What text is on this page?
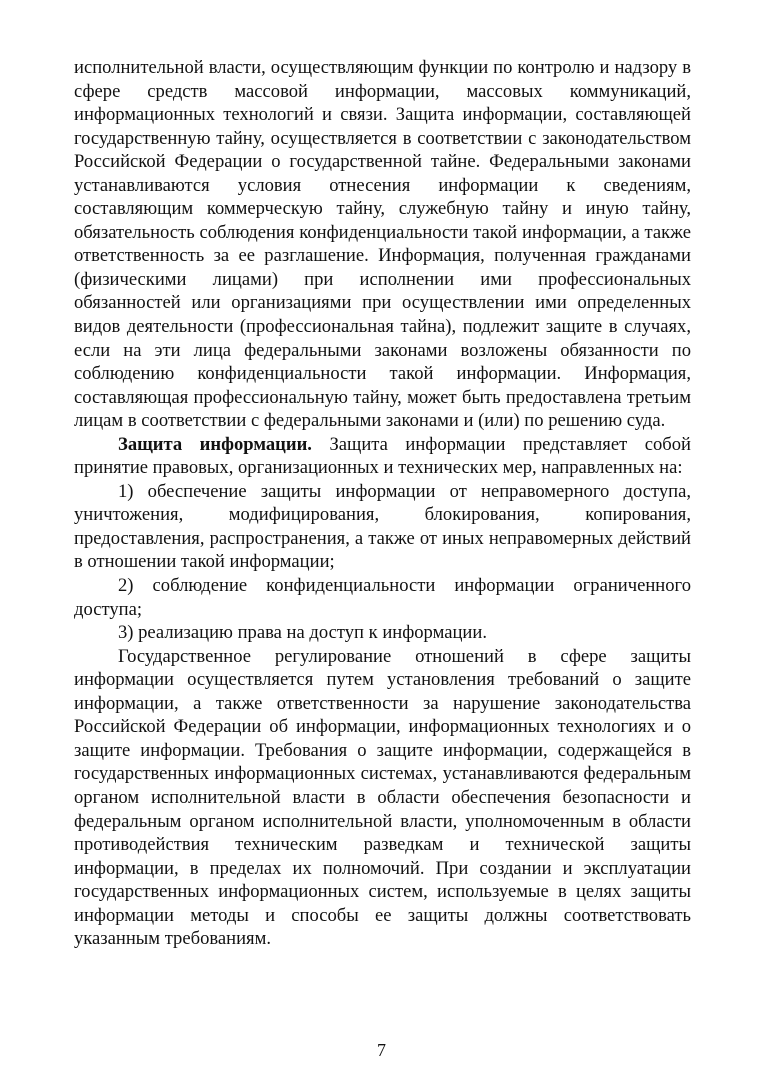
исполнительной власти, осуществляющим функции по контролю и надзору в сфере средств массовой информации, массовых коммуникаций, информационных технологий и связи. Защита информации, составляющей государственную тайну, осуществляется в соответствии с законодательством Российской Федерации о государственной тайне. Федеральными законами устанавливаются условия отнесения информации к сведениям, составляющим коммерческую тайну, служебную тайну и иную тайну, обязательность соблюдения конфиденциальности такой информации, а также ответственность за ее разглашение. Информация, полученная гражданами (физическими лицами) при исполнении ими профессиональных обязанностей или организациями при осуществлении ими определенных видов деятельности (профессиональная тайна), подлежит защите в случаях, если на эти лица федеральными законами возложены обязанности по соблюдению конфиденциальности такой информации. Информация, составляющая профессиональную тайну, может быть предоставлена третьим лицам в соответствии с федеральными законами и (или) по решению суда.

Защита информации. Защита информации представляет собой принятие правовых, организационных и технических мер, направленных на:

1) обеспечение защиты информации от неправомерного доступа, уничтожения, модифицирования, блокирования, копирования, предоставления, распространения, а также от иных неправомерных действий в отношении такой информации;

2) соблюдение конфиденциальности информации ограниченного доступа;

3) реализацию права на доступ к информации.

Государственное регулирование отношений в сфере защиты информации осуществляется путем установления требований о защите информации, а также ответственности за нарушение законодательства Российской Федерации об информации, информационных технологиях и о защите информации. Требования о защите информации, содержащейся в государственных информационных системах, устанавливаются федеральным органом исполнительной власти в области обеспечения безопасности и федеральным органом исполнительной власти, уполномоченным в области противодействия техническим разведкам и технической защиты информации, в пределах их полномочий. При создании и эксплуатации государственных информационных систем, используемые в целях защиты информации методы и способы ее защиты должны соответствовать указанным требованиям.

7
